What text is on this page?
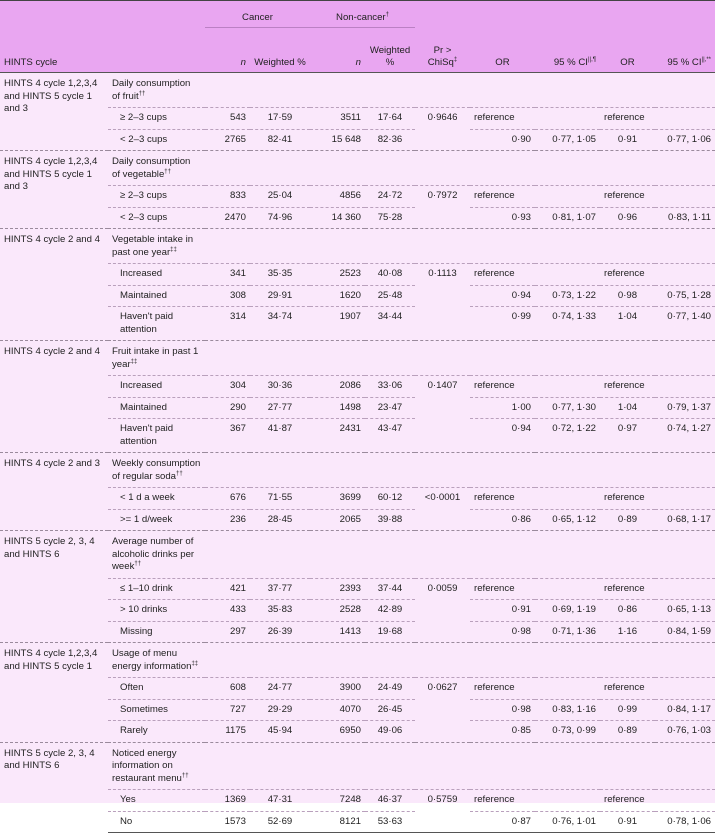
		Cancer		Non-cancer†					
HINTS cycle		n	Weighted %	n	Weighted %	Pr > ChiSq‡	OR	95 % CI||,¶	OR	95 % CI||,**
HINTS 4 cycle 1,2,3,4 and HINTS 5 cycle 1 and 3	Daily consumption of fruit††	
	≥ 2–3 cups	543	17·59	3511	17·64	0·9646	reference		reference	
	< 2–3 cups	2765	82·41	15 648	82·36		0·90	0·77, 1·05	0·91	0·77, 1·06
HINTS 4 cycle 1,2,3,4 and HINTS 5 cycle 1 and 3	Daily consumption of vegetable††	
	≥ 2–3 cups	833	25·04	4856	24·72	0·7972	reference		reference	
	< 2–3 cups	2470	74·96	14 360	75·28		0·93	0·81, 1·07	0·96	0·83, 1·11
HINTS 4 cycle 2 and 4	Vegetable intake in past one year‡‡	
	Increased	341	35·35	2523	40·08	0·1113	reference		reference	
	Maintained	308	29·91	1620	25·48		0·94	0·73, 1·22	0·98	0·75, 1·28
	Haven't paid attention	314	34·74	1907	34·44		0·99	0·74, 1·33	1·04	0·77, 1·40
HINTS 4 cycle 2 and 4	Fruit intake in past 1 year‡‡	
	Increased	304	30·36	2086	33·06	0·1407	reference		reference	
	Maintained	290	27·77	1498	23·47		1·00	0·77, 1·30	1·04	0·79, 1·37
	Haven't paid attention	367	41·87	2431	43·47		0·94	0·72, 1·22	0·97	0·74, 1·27
HINTS 4 cycle 2 and 3	Weekly consumption of regular soda††	
	< 1 d a week	676	71·55	3699	60·12	<0·0001	reference		reference	
	>= 1 d/week	236	28·45	2065	39·88		0·86	0·65, 1·12	0·89	0·68, 1·17
HINTS 5 cycle 2, 3, 4 and HINTS 6	Average number of alcoholic drinks per week††	
	≤ 1–10 drink	421	37·77	2393	37·44	0·0059	reference		reference	
	> 10 drinks	433	35·83	2528	42·89		0·91	0·69, 1·19	0·86	0·65, 1·13
	Missing	297	26·39	1413	19·68		0·98	0·71, 1·36	1·16	0·84, 1·59
HINTS 4 cycle 1,2,3,4 and HINTS 5 cycle 1	Usage of menu energy information‡‡	
	Often	608	24·77	3900	24·49	0·0627	reference		reference	
	Sometimes	727	29·29	4070	26·45		0·98	0·83, 1·16	0·99	0·84, 1·17
	Rarely	1175	45·94	6950	49·06		0·85	0·73, 0·99	0·89	0·76, 1·03
HINTS 5 cycle 2, 3, 4 and HINTS 6	Noticed energy information on restaurant menu††	
	Yes	1369	47·31	7248	46·37	0·5759	reference		reference	
	No	1573	52·69	8121	53·63		0·87	0·76, 1·01	0·91	0·78, 1·06
